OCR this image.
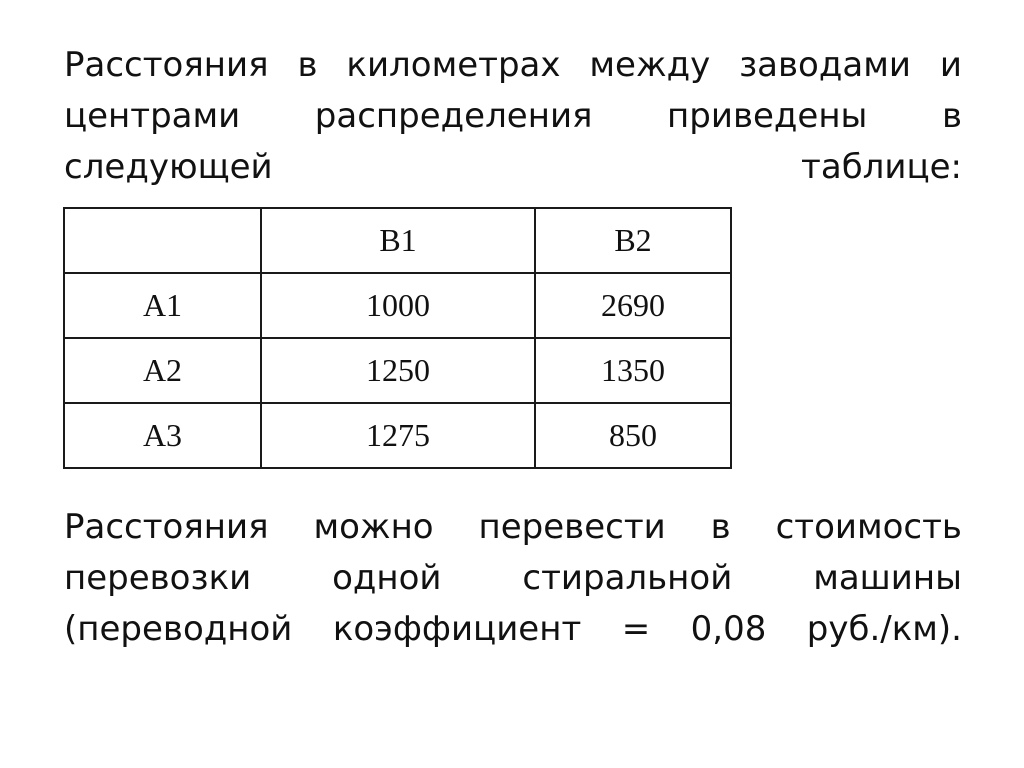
Расстояния в километрах между заводами и
центрами распределения приведены в
следующей	таблице:
	В1	В2
А1	1000	2690
А2	1250	1350
А3	1275	850
Расстояния можно перевести в стоимость
перевозки одной стиральной машины
(переводной коэффициент = 0,08 руб./км).
